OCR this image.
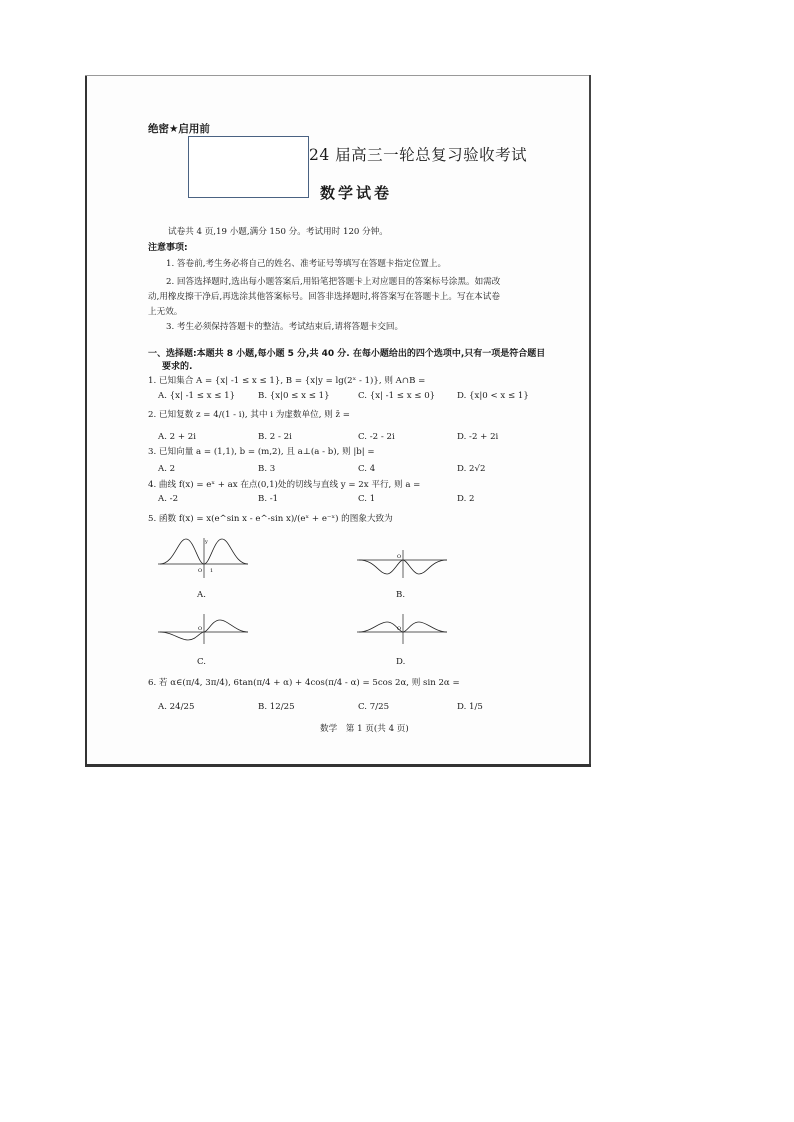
绝密★启用前
24 届高三一轮总复习验收考试
数学试卷
试卷共 4 页,19 小题,满分 150 分。考试用时 120 分钟。
注意事项:
1. 答卷前,考生务必将自己的姓名、准考证号等填写在答题卡指定位置上。
2. 回答选择题时,选出每小题答案后,用铅笔把答题卡上对应题目的答案标号涂黑。如需改
动,用橡皮擦干净后,再选涂其他答案标号。回答非选择题时,将答案写在答题卡上。写在本试卷
上无效。
3. 考生必须保持答题卡的整洁。考试结束后,请将答题卡交回。
一、选择题:本题共 8 小题,每小题 5 分,共 40 分. 在每小题给出的四个选项中,只有一项是符合题目
要求的.
1. 已知集合 A = {x| -1 ≤ x ≤ 1}, B = {x|y = lg(2ˣ - 1)}, 则 A∩B =
A. {x| -1 ≤ x ≤ 1}	B. {x|0 ≤ x ≤ 1}	C. {x| -1 ≤ x ≤ 0}	D. {x|0 < x ≤ 1}
2. 已知复数 z = 4/(1 - i), 其中 i 为虚数单位, 则 z̄ =
A. 2 + 2i	B. 2 - 2i	C. -2 - 2i	D. -2 + 2i
3. 已知向量 a = (1,1), b = (m,2), 且 a⊥(a - b), 则 |b| =
A. 2	B. 3	C. 4	D. 2√2
4. 曲线 f(x) = eˣ + ax 在点(0,1)处的切线与直线 y = 2x 平行, 则 a =
A. -2	B. -1	C. 1	D. 2
5. 函数 f(x) = x(e^sin x - e^-sin x)/(eˣ + e⁻ˣ) 的图象大致为
y
O 1
A.
O
B.
O
C.
O
D.
6. 若 α∈(π/4, 3π/4), 6tan(π/4 + α) + 4cos(π/4 - α) = 5cos 2α, 则 sin 2α =
A. 24/25	B. 12/25	C. 7/25	D. 1/5
数学　第 1 页(共 4 页)
